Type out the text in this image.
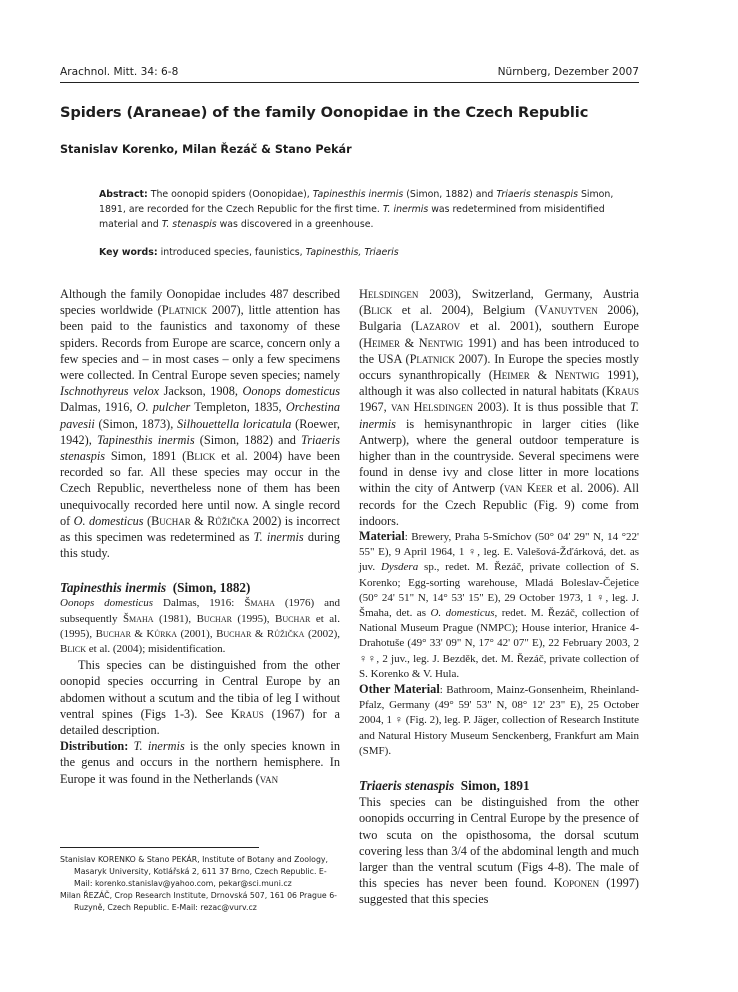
Arachnol. Mitt. 34: 6-8	Nürnberg, Dezember 2007
Spiders (Araneae) of the family Oonopidae in the Czech Republic
Stanislav Korenko, Milan Řezáč & Stano Pekár
Abstract: The oonopid spiders (Oonopidae), Tapinesthis inermis (Simon, 1882) and Triaeris stenaspis Simon, 1891, are recorded for the Czech Republic for the first time. T. inermis was redetermined from misidentified material and T. stenaspis was discovered in a greenhouse.
Key words: introduced species, faunistics, Tapinesthis, Triaeris

Although the family Oonopidae includes 487 described species worldwide (Platnick 2007), little attention has been paid to the faunistics and taxonomy of these spiders. Records from Europe are scarce, concern only a few species and – in most cases – only a few specimens were collected. In Central Europe seven species; namely Ischnothyreus velox Jackson, 1908, Oonops domesticus Dalmas, 1916, O. pulcher Templeton, 1835, Orchestina pavesii (Simon, 1873), Silhouettella loricatula (Roewer, 1942), Tapinesthis inermis (Simon, 1882) and Triaeris stenaspis Simon, 1891 (Blick et al. 2004) have been recorded so far. All these species may occur in the Czech Republic, nevertheless none of them has been unequivocally recorded here until now. A single record of O. domesticus (Buchar & Růžička 2002) is incorrect as this specimen was redetermined as T. inermis during this study.

Tapinesthis inermis (Simon, 1882)

Oonops domesticus Dalmas, 1916: Šmaha (1976) and subsequently Šmaha (1981), Buchar (1995), Buchar et al. (1995), Buchar & Kůrka (2001), Buchar & Růžička (2002), Blick et al. (2004); misidentification.

This species can be distinguished from the other oonopid species occurring in Central Europe by an abdomen without a scutum and the tibia of leg I without ventral spines (Figs 1-3). See Kraus (1967) for a detailed description.

Distribution: T. inermis is the only species known in the genus and occurs in the northern hemisphere. In Europe it was found in the Netherlands (van

Helsdingen 2003), Switzerland, Germany, Austria (Blick et al. 2004), Belgium (Vanuytven 2006), Bulgaria (Lazarov et al. 2001), southern Europe (Heimer & Nentwig 1991) and has been introduced to the USA (Platnick 2007). In Europe the species mostly occurs synanthropically (Heimer & Nentwig 1991), although it was also collected in natural habitats (Kraus 1967, van Helsdingen 2003). It is thus possible that T. inermis is hemisynanthropic in larger cities (like Antwerp), where the general outdoor temperature is higher than in the countryside. Several specimens were found in dense ivy and close litter in more locations within the city of Antwerp (van Keer et al. 2006). All records for the Czech Republic (Fig. 9) come from indoors.

Material: Brewery, Praha 5-Smíchov (50° 04' 29" N, 14 °22' 55" E), 9 April 1964, 1 ♀, leg. E. Valešová-Žďárková, det. as juv. Dysdera sp., redet. M. Řezáč, private collection of S. Korenko; Egg-sorting warehouse, Mladá Boleslav-Čejetice (50° 24' 51" N, 14° 53' 15" E), 29 October 1973, 1 ♀, leg. J. Šmaha, det. as O. domesticus, redet. M. Řezáč, collection of National Museum Prague (NMPC); House interior, Hranice 4-Drahotuše (49° 33' 09" N, 17° 42' 07" E), 22 February 2003, 2 ♀♀, 2 juv., leg. J. Bezděk, det. M. Řezáč, private collection of S. Korenko & V. Hula.

Other Material: Bathroom, Mainz-Gonsenheim, Rheinland-Pfalz, Germany (49° 59' 53" N, 08° 12' 23" E), 25 October 2004, 1 ♀ (Fig. 2), leg. P. Jäger, collection of Research Institute and Natural History Museum Senckenberg, Frankfurt am Main (SMF).

Triaeris stenaspis Simon, 1891

This species can be distinguished from the other oonopids occurring in Central Europe by the presence of two scuta on the opisthosoma, the dorsal scutum covering less than 3/4 of the abdominal length and much larger than the ventral scutum (Figs 4-8). The male of this species has never been found. Koponen (1997) suggested that this species

Stanislav KORENKO & Stano PEKÁR, Institute of Botany and Zoology, Masaryk University, Kotlářská 2, 611 37 Brno, Czech Republic. E-Mail: korenko.stanislav@yahoo.com, pekar@sci.muni.cz

Milan ŘEZÁČ, Crop Research Institute, Drnovská 507, 161 06 Prague 6-Ruzyně, Czech Republic. E-Mail: rezac@vurv.cz
